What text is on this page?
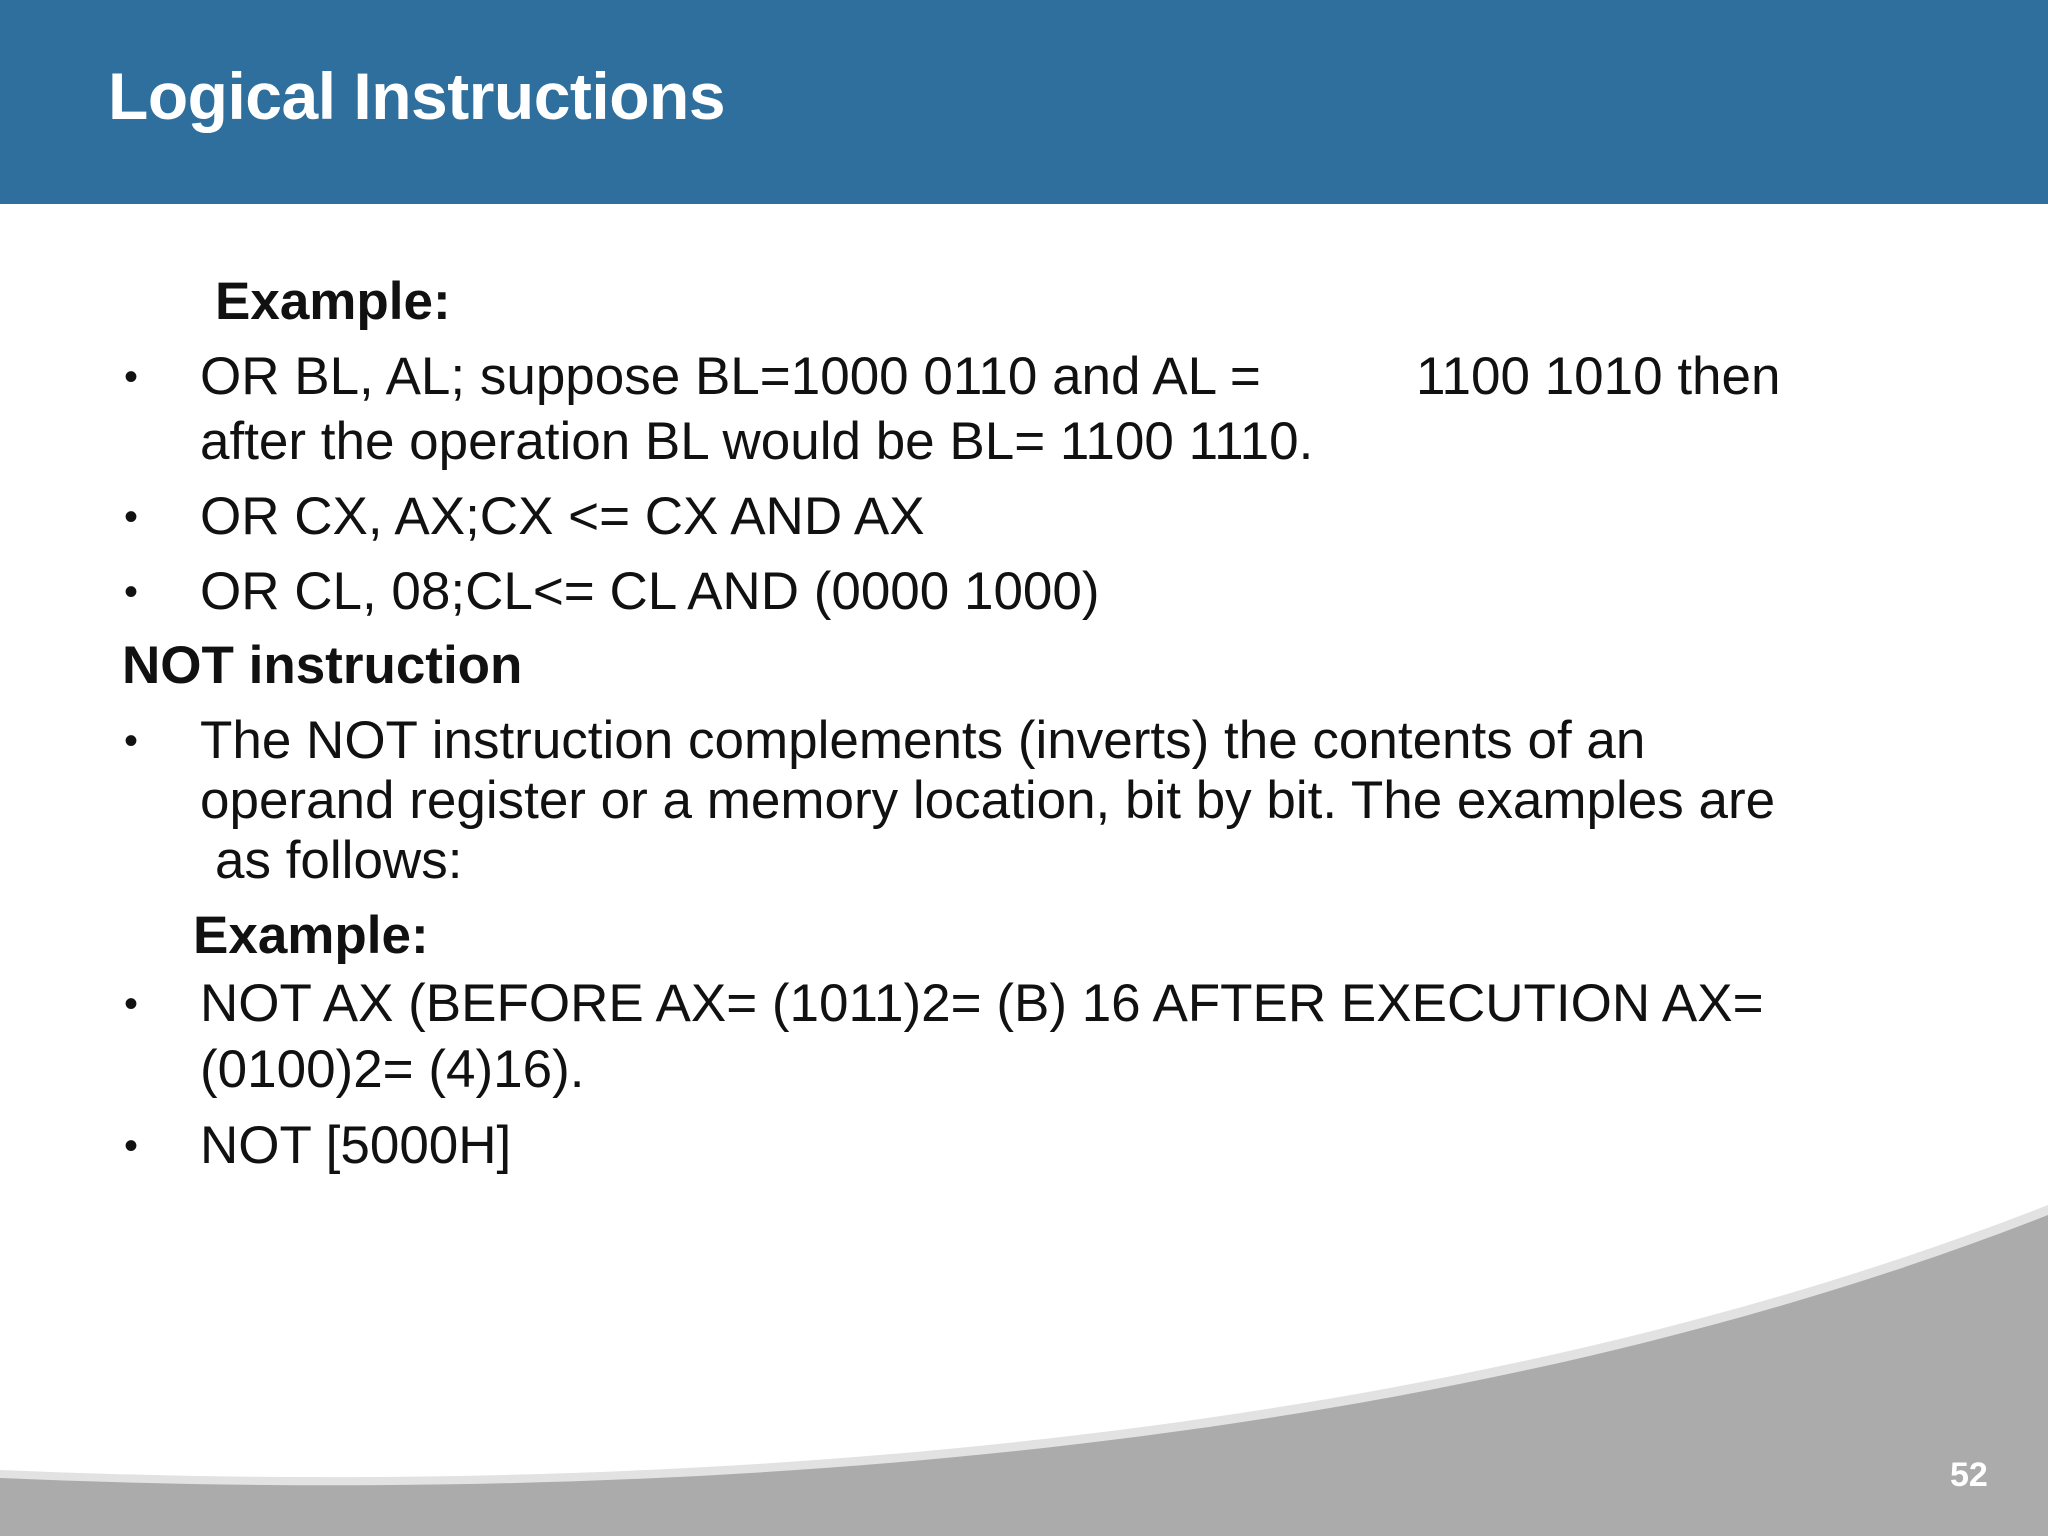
Logical Instructions
Example:
• OR BL, AL; suppose BL=1000 0110 and AL =	1100 1010 then
after the operation BL would be BL= 1100 1110.
• OR CX, AX;CX <= CX AND AX
• OR CL, 08;CL<= CL AND (0000 1000)
NOT instruction
• The NOT instruction complements (inverts) the contents of an
operand register or a memory location, bit by bit. The examples are
as follows:
Example:
• NOT AX (BEFORE AX= (1011)2= (B) 16 AFTER EXECUTION AX=
(0100)2= (4)16).
• NOT [5000H]
52
